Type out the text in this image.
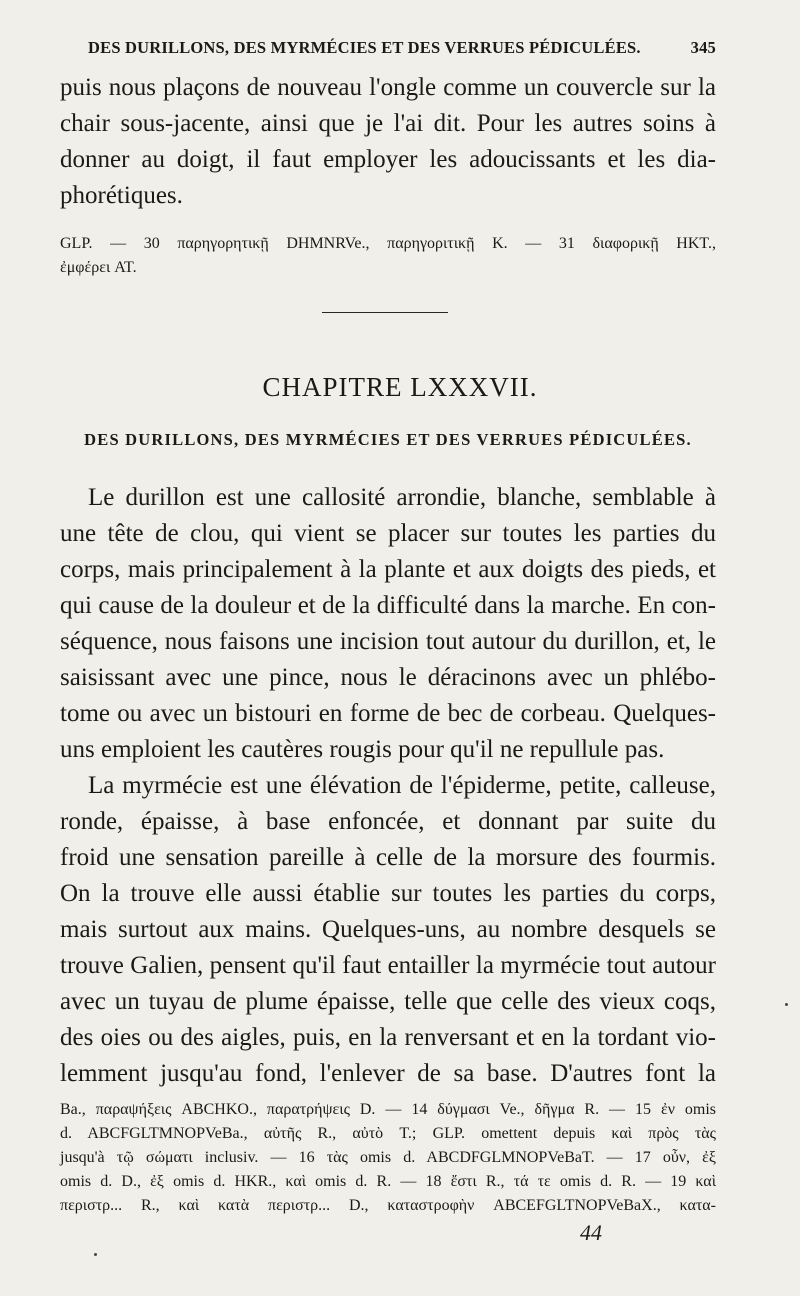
DES DURILLONS, DES MYRMÉCIES ET DES VERRUES PÉDICULÉES.	345
puis nous plaçons de nouveau l'ongle comme un couvercle sur la
chair sous-jacente, ainsi que je l'ai dit. Pour les autres soins à
donner au doigt, il faut employer les adoucissants et les dia-
phorétiques.
GLP. — 30 παρηγορητικῇ DHMNRVe., παρηγοριτικῇ K. — 31 διαφορικῇ HKT.,
ἐμφέρει AT.
CHAPITRE LXXXVII.
DES DURILLONS, DES MYRMÉCIES ET DES VERRUES PÉDICULÉES.
Le durillon est une callosité arrondie, blanche, semblable à
une tête de clou, qui vient se placer sur toutes les parties du
corps, mais principalement à la plante et aux doigts des pieds, et
qui cause de la douleur et de la difficulté dans la marche. En con-
séquence, nous faisons une incision tout autour du durillon, et, le
saisissant avec une pince, nous le déracinons avec un phlébo-
tome ou avec un bistouri en forme de bec de corbeau. Quelques-
uns emploient les cautères rougis pour qu'il ne repullule pas.
La myrmécie est une élévation de l'épiderme, petite, calleuse,
ronde, épaisse, à base enfoncée, et donnant par suite du
froid une sensation pareille à celle de la morsure des fourmis.
On la trouve elle aussi établie sur toutes les parties du corps,
mais surtout aux mains. Quelques-uns, au nombre desquels se
trouve Galien, pensent qu'il faut entailler la myrmécie tout autour
avec un tuyau de plume épaisse, telle que celle des vieux coqs,
des oies ou des aigles, puis, en la renversant et en la tordant vio-
lemment jusqu'au fond, l'enlever de sa base. D'autres font la
Ba., παραψήξεις ABCHKO., παρατρήψεις D. — 14 δύγμασι Ve., δῆγμα R. — 15 ἐν omis
d. ABCFGLTMNOPVeBa., αὐτῆς R., αὐτὸ T.; GLP. omettent depuis καὶ πρὸς τὰς
jusqu'à τῷ σώματι inclusiv. — 16 τὰς omis d. ABCDFGLMNOPVeBaT. — 17 οὖν, ἐξ
omis d. D., ἐξ omis d. HKR., καὶ omis d. R. — 18 ἔστι R., τά τε omis d. R. — 19 καὶ
περιστρ... R., καὶ κατὰ περιστρ... D., καταστροφὴν ABCEFGLTNOPVeBaX., κατα-
44
